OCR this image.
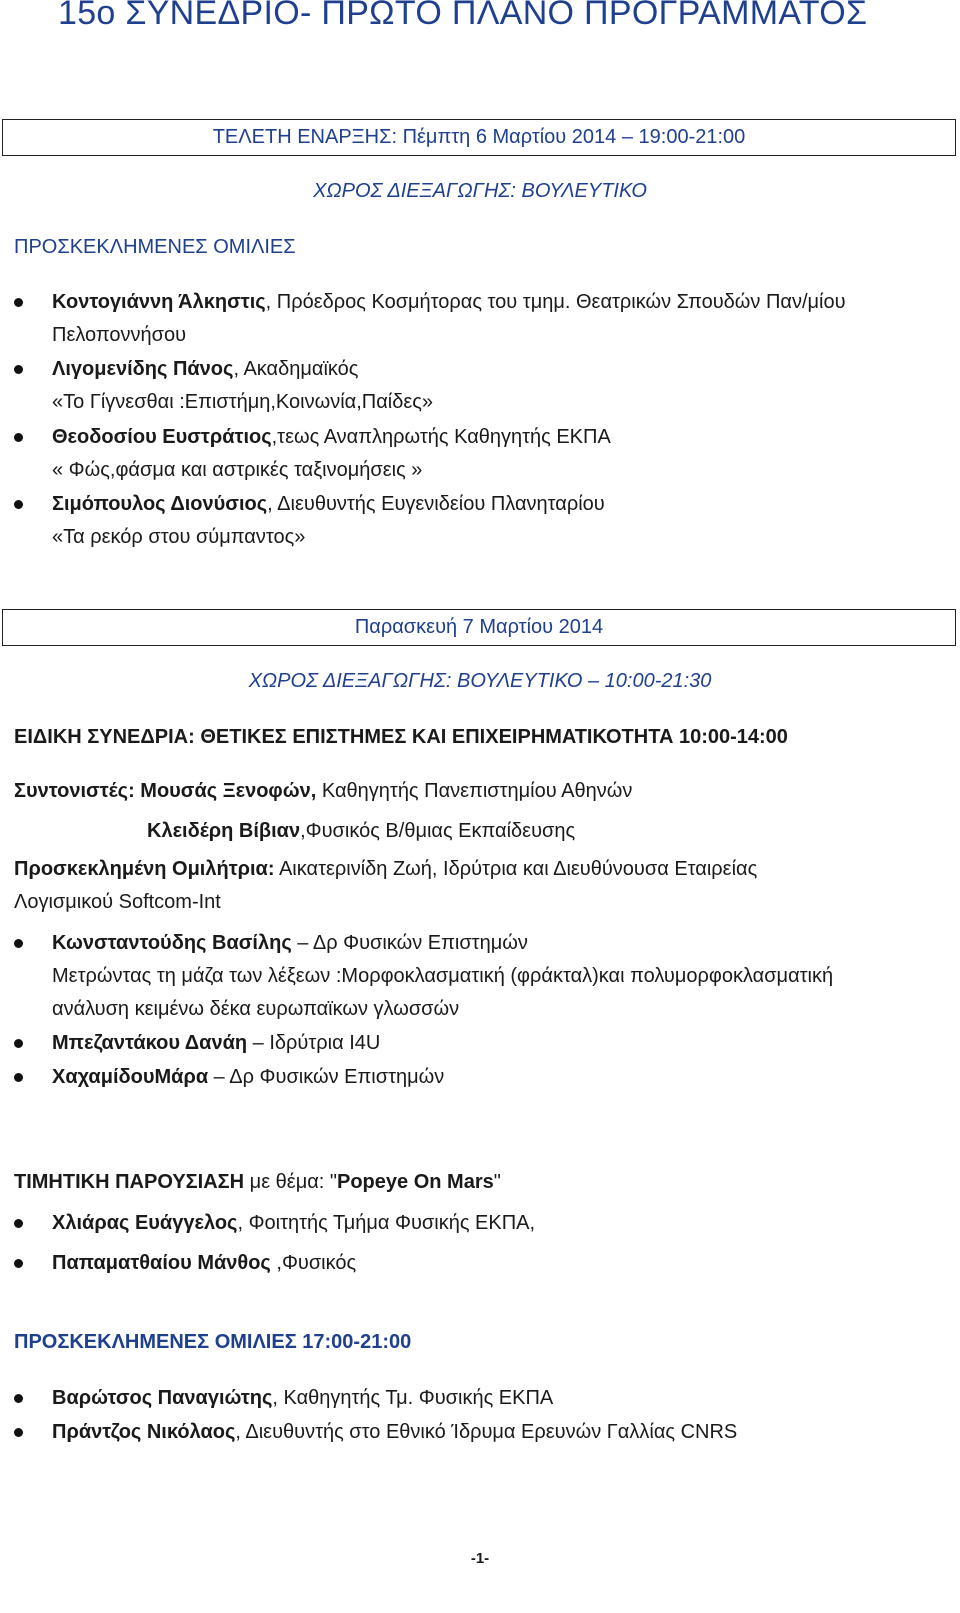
15ο ΣΥΝΕΔΡΙΟ- ΠΡΩΤΟ ΠΛΑΝΟ ΠΡΟΓΡΑΜΜΑΤΟΣ
ΤΕΛΕΤΗ ΕΝΑΡΞΗΣ: Πέμπτη 6 Μαρτίου 2014 – 19:00-21:00
ΧΩΡΟΣ ΔΙΕΞΑΓΩΓΗΣ: ΒΟΥΛΕΥΤΙΚΟ
ΠΡΟΣΚΕΚΛΗΜΕΝΕΣ ΟΜΙΛΙΕΣ
Κοντογιάννη Άλκηστις, Πρόεδρος Κοσμήτορας του τμημ. Θεατρικών Σπουδών Παν/μίου
Πελοποννήσου
Λιγομενίδης Πάνος, Ακαδημαϊκός
«Το Γίγνεσθαι :Επιστήμη,Κοινωνία,Παίδες»
Θεοδοσίου Ευστράτιος,τεως Αναπληρωτής Καθηγητής ΕΚΠΑ
« Φώς,φάσμα και αστρικές ταξινομήσεις »
Σιμόπουλος Διονύσιος, Διευθυντής Ευγενιδείου Πλανηταρίου
«Τα ρεκόρ στου σύμπαντος»
Παρασκευή 7 Μαρτίου 2014
ΧΩΡΟΣ ΔΙΕΞΑΓΩΓΗΣ: ΒΟΥΛΕΥΤΙΚΟ – 10:00-21:30
ΕΙΔΙΚΗ ΣΥΝΕΔΡΙΑ: ΘΕΤΙΚΕΣ ΕΠΙΣΤΗΜΕΣ ΚΑΙ ΕΠΙΧΕΙΡΗΜΑΤΙΚΟΤΗΤΑ 10:00-14:00
Συντονιστές: Μουσάς Ξενοφών, Καθηγητής Πανεπιστημίου Αθηνών
Κλειδέρη Βίβιαν,Φυσικός Β/θμιας Εκπαίδευσης
Προσκεκλημένη Ομιλήτρια: Αικατερινίδη Ζωή, Ιδρύτρια και Διευθύνουσα Εταιρείας
Λογισμικού Softcom-Int
Κωνσταντούδης Βασίλης – Δρ Φυσικών Επιστημών
Μετρώντας τη μάζα των λέξεων :Μορφοκλασματική (φράκταλ)και πολυμορφοκλασματική
ανάλυση κειμένω δέκα ευρωπαϊκων γλωσσών
Μπεζαντάκου Δανάη – Ιδρύτρια I4U
ΧαχαμίδουΜάρα – Δρ Φυσικών Επιστημών
ΤΙΜΗΤΙΚΗ ΠΑΡΟΥΣΙΑΣΗ με θέμα: "Popeye On Mars"
Χλιάρας Ευάγγελος, Φοιτητής Τμήμα Φυσικής ΕΚΠΑ,
Παπαματθαίου Μάνθος ,Φυσικός
ΠΡΟΣΚΕΚΛΗΜΕΝΕΣ ΟΜΙΛΙΕΣ 17:00-21:00
Βαρώτσος Παναγιώτης, Καθηγητής Τμ. Φυσικής ΕΚΠΑ
Πράντζος Νικόλαος, Διευθυντής στο Εθνικό Ίδρυμα Ερευνών Γαλλίας CNRS
-1-
